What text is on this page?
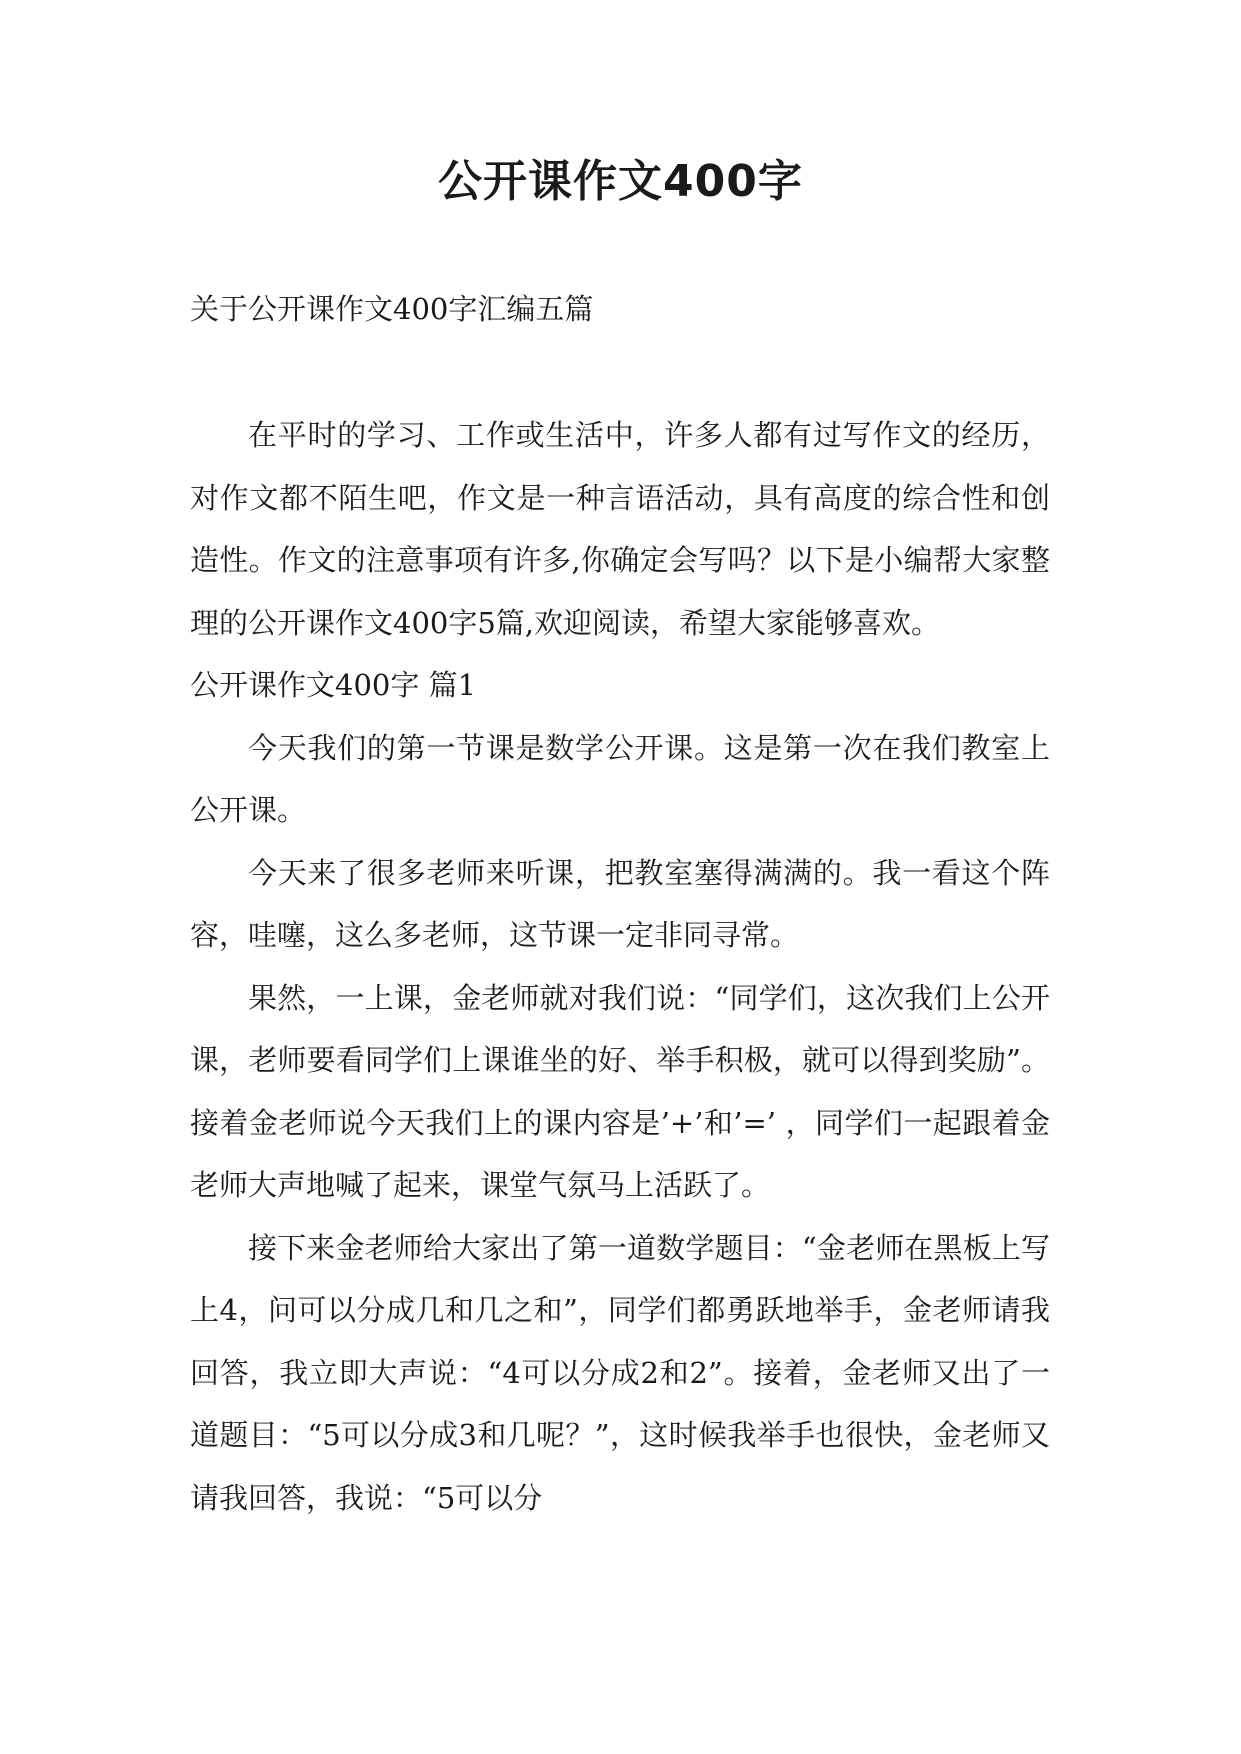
公开课作文400字
关于公开课作文400字汇编五篇

在平时的学习、工作或生活中，许多人都有过写作文的经历，对作文都不陌生吧，作文是一种言语活动，具有高度的综合性和创造性。作文的注意事项有许多,你确定会写吗？以下是小编帮大家整理的公开课作文400字5篇,欢迎阅读，希望大家能够喜欢。

公开课作文400字 篇1

今天我们的第一节课是数学公开课。这是第一次在我们教室上公开课。

今天来了很多老师来听课，把教室塞得满满的。我一看这个阵容，哇噻，这么多老师，这节课一定非同寻常。

果然，一上课，金老师就对我们说：“同学们，这次我们上公开课，老师要看同学们上课谁坐的好、举手积极，就可以得到奖励”。接着金老师说今天我们上的课内容是’+’和’=’ ，同学们一起跟着金老师大声地喊了起来，课堂气氛马上活跃了。

接下来金老师给大家出了第一道数学题目：“金老师在黑板上写上4，问可以分成几和几之和”，同学们都勇跃地举手，金老师请我回答，我立即大声说：“4可以分成2和2”。接着，金老师又出了一道题目：“5可以分成3和几呢？”，这时候我举手也很快，金老师又请我回答，我说：“5可以分
